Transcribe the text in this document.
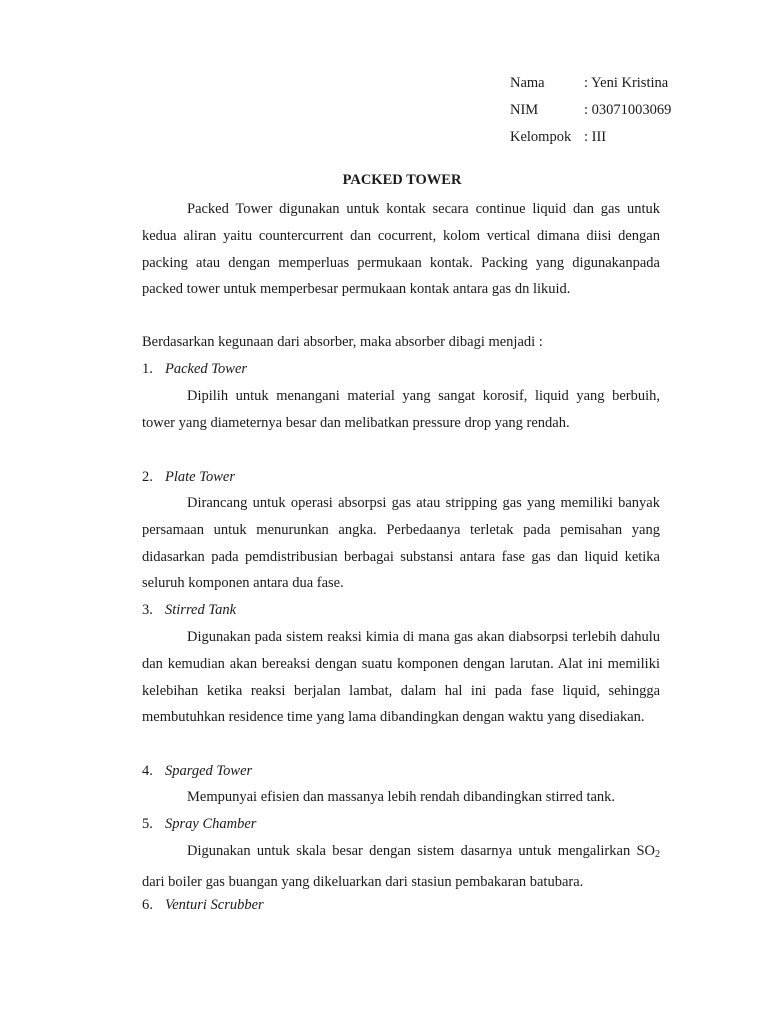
Nama	: Yeni Kristina
NIM	: 03071003069
Kelompok : III
PACKED TOWER

Packed Tower digunakan untuk kontak secara continue liquid dan gas untuk kedua aliran yaitu countercurrent dan cocurrent, kolom vertical dimana diisi dengan packing atau dengan memperluas permukaan kontak. Packing yang digunakanpada packed tower untuk memperbesar permukaan kontak antara gas dn likuid.

Berdasarkan kegunaan dari absorber, maka absorber dibagi menjadi :
1. Packed Tower

Dipilih untuk menangani material yang sangat korosif, liquid yang berbuih, tower yang diameternya besar dan melibatkan pressure drop yang rendah.

2. Plate Tower

Dirancang untuk operasi absorpsi gas atau stripping gas yang memiliki banyak persamaan untuk menurunkan angka. Perbedaanya terletak pada pemisahan yang didasarkan pada pemdistribusian berbagai substansi antara fase gas dan liquid ketika seluruh komponen antara dua fase.

3. Stirred Tank

Digunakan pada sistem reaksi kimia di mana gas akan diabsorpsi terlebih dahulu dan kemudian akan bereaksi dengan suatu komponen dengan larutan. Alat ini memiliki kelebihan ketika reaksi berjalan lambat, dalam hal ini pada fase liquid, sehingga membutuhkan residence time yang lama dibandingkan dengan waktu yang disediakan.

4. Sparged Tower

Mempunyai efisien dan massanya lebih rendah dibandingkan stirred tank.

5. Spray Chamber

Digunakan untuk skala besar dengan sistem dasarnya untuk mengalirkan $SO_2$ dari boiler gas buangan yang dikeluarkan dari stasiun pembakaran batubara.

6. Venturi Scrubber
